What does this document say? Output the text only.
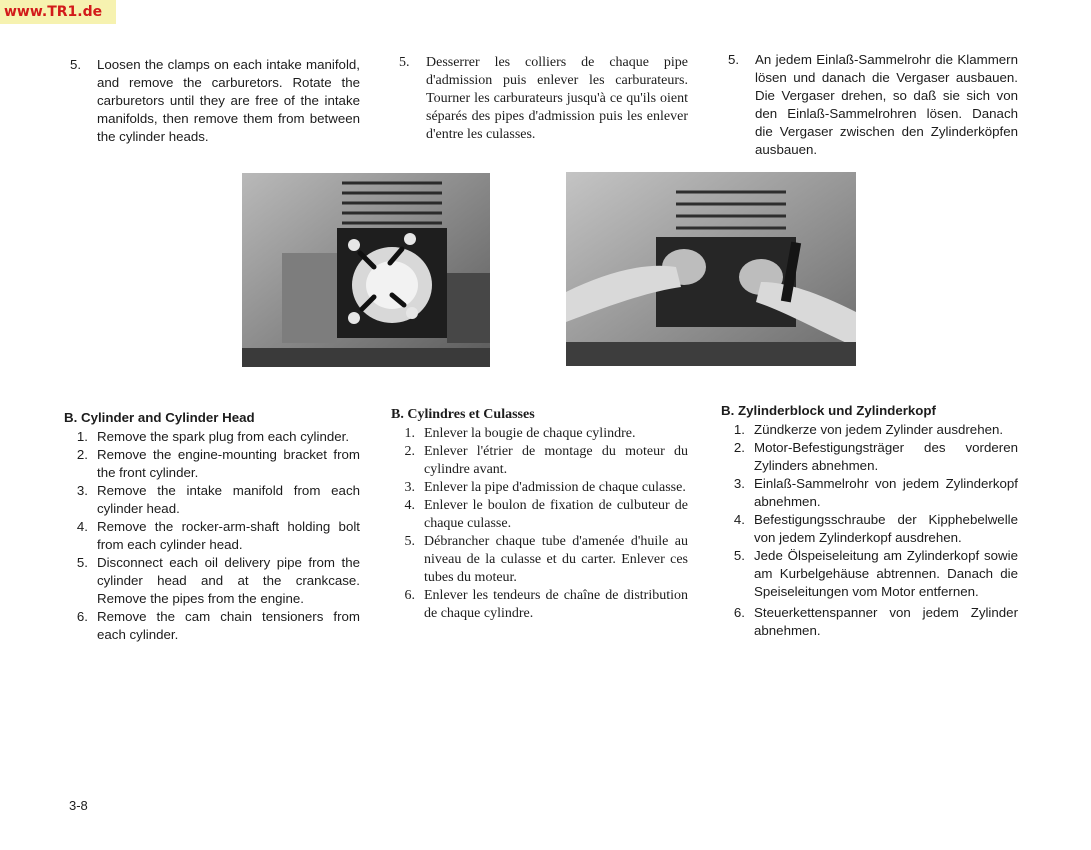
www.TR1.de
5.	Loosen the clamps on each intake manifold, and remove the carburetors. Rotate the carburetors until they are free of the intake manifolds, then remove them from between the cylinder heads.
5.	Desserrer les colliers de chaque pipe d'admission puis enlever les carburateurs. Tourner les carburateurs jusqu'à ce qu'ils oient séparés des pipes d'admission puis les enlever d'entre les culasses.
5.	An jedem Einlaß-Sammelrohr die Klammern lösen und danach die Vergaser ausbauen. Die Vergaser drehen, so daß sie sich von den Einlaß-Sammelrohren lösen. Danach die Vergaser zwischen den Zylinderköpfen ausbauen.
B. Cylinder and Cylinder Head
1. Remove the spark plug from each cylinder.
2. Remove the engine-mounting bracket from the front cylinder.
3. Remove the intake manifold from each cylinder head.
4. Remove the rocker-arm-shaft holding bolt from each cylinder head.
5. Disconnect each oil delivery pipe from the cylinder head and at the crankcase. Remove the pipes from the engine.
6. Remove the cam chain tensioners from each cylinder.
B. Cylindres et Culasses
1. Enlever la bougie de chaque cylindre.
2. Enlever l'étrier de montage du moteur du cylindre avant.
3. Enlever la pipe d'admission de chaque culasse.
4. Enlever le boulon de fixation de culbuteur de chaque culasse.
5. Débrancher chaque tube d'amenée d'huile au niveau de la culasse et du carter. Enlever ces tubes du moteur.
6. Enlever les tendeurs de chaîne de distribution de chaque cylindre.
B. Zylinderblock und Zylinderkopf
1. Zündkerze von jedem Zylinder ausdrehen.
2. Motor-Befestigungsträger des vorderen Zylinders abnehmen.
3. Einlaß-Sammelrohr von jedem Zylinderkopf abnehmen.
4. Befestigungsschraube der Kipphebelwelle von jedem Zylinderkopf ausdrehen.
5. Jede Ölspeiseleitung am Zylinderkopf sowie am Kurbelgehäuse abtrennen. Danach die Speiseleitungen vom Motor entfernen.
6. Steuerkettenspanner von jedem Zylinder abnehmen.
3-8
